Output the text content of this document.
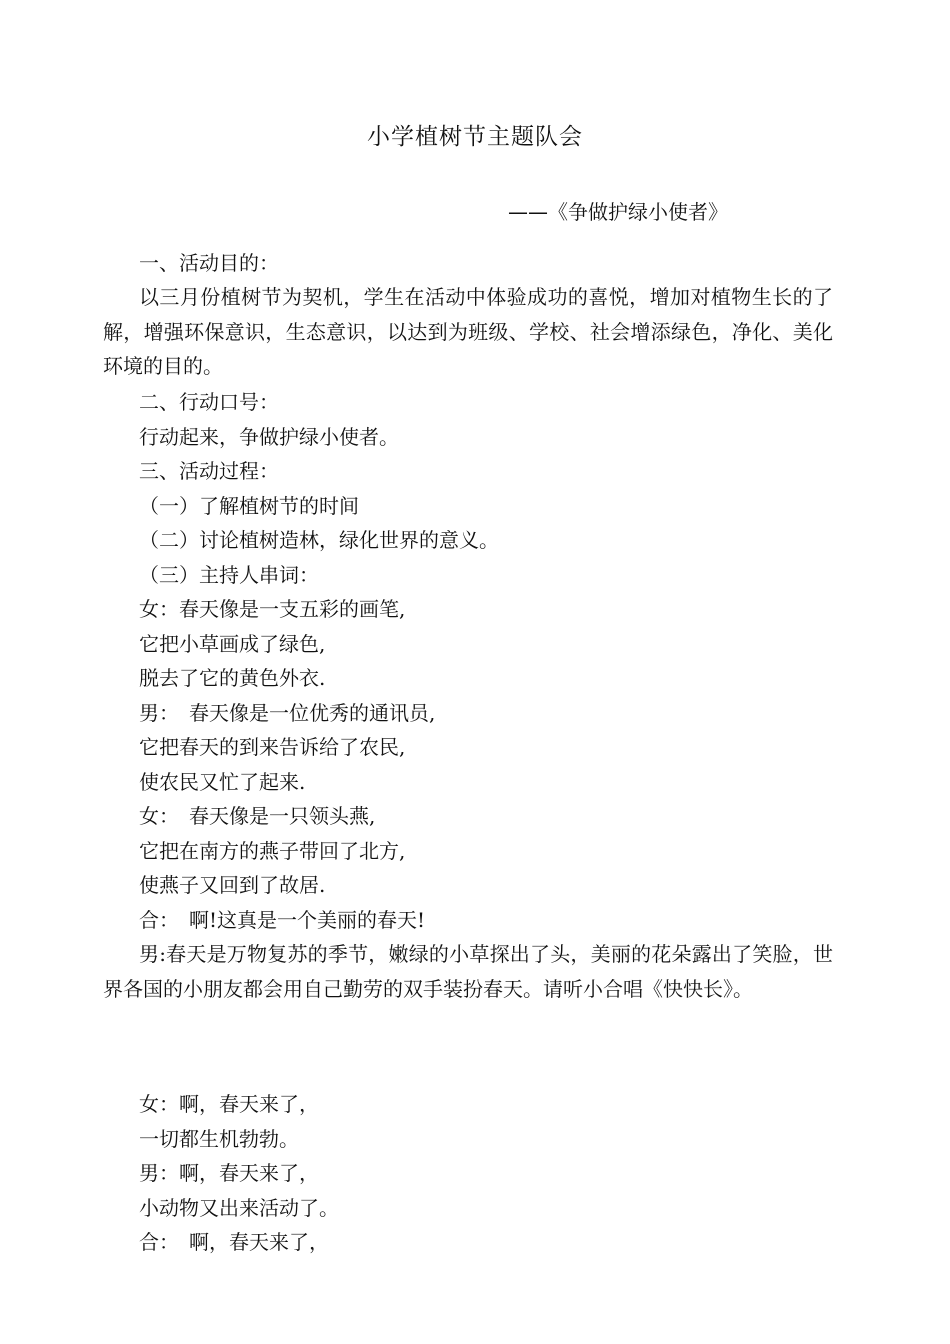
小学植树节主题队会
——《争做护绿小使者》
一、活动目的：
以三月份植树节为契机，学生在活动中体验成功的喜悦，增加对植物生长的了解，增强环保意识，生态意识，以达到为班级、学校、社会增添绿色，净化、美化环境的目的。
二、行动口号：
行动起来，争做护绿小使者。
三、活动过程：
（一）了解植树节的时间
（二）讨论植树造林，绿化世界的意义。
（三）主持人串词：
女：春天像是一支五彩的画笔,
它把小草画成了绿色,
脱去了它的黄色外衣.
男：　春天像是一位优秀的通讯员,
它把春天的到来告诉给了农民,
使农民又忙了起来.
女：　春天像是一只领头燕,
它把在南方的燕子带回了北方,
使燕子又回到了故居.
合：　啊!这真是一个美丽的春天!
男:春天是万物复苏的季节，嫩绿的小草探出了头，美丽的花朵露出了笑脸，世界各国的小朋友都会用自己勤劳的双手装扮春天。请听小合唱《快快长》。
女：啊，春天来了，
一切都生机勃勃。
男：啊，春天来了，
小动物又出来活动了。
合：　啊，春天来了，
